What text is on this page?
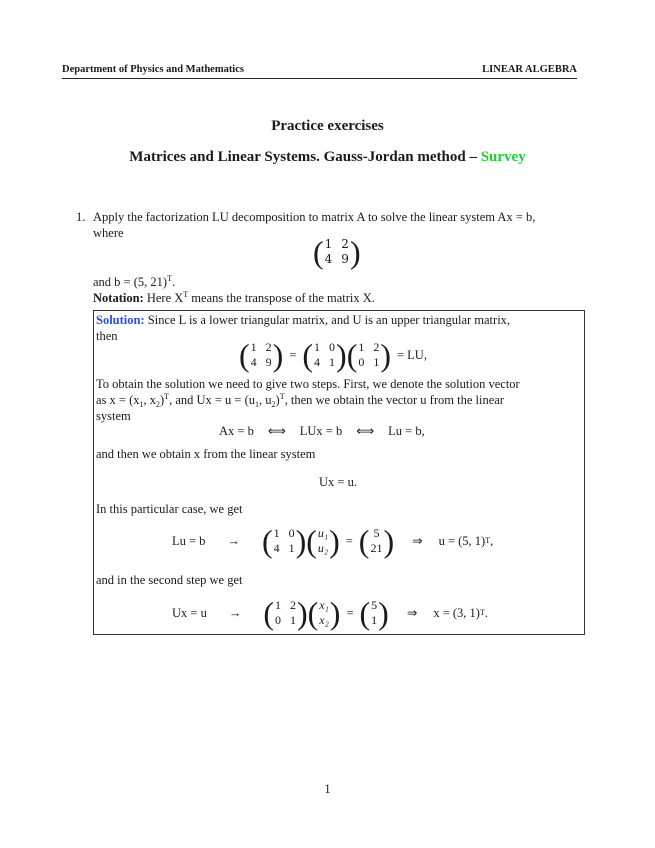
Department of Physics and Mathematics	LINEAR ALGEBRA
Practice exercises
Matrices and Linear Systems. Gauss-Jordan method – Survey
1. Apply the factorization LU decomposition to matrix A to solve the linear system Ax = b,
where
( 1 2
4 9 )
and b = (5, 21)$^T$.
Notation: Here $X^T$ means the transpose of the matrix X.
Solution: Since L is a lower triangular matrix, and U is an upper triangular matrix,
then
( 1 2
4 9 ) = ( 1 0
4 1 ) ( 1 2
0 1 ) = LU,
To obtain the solution we need to give two steps. First, we denote the solution vector
as $x = (x_1$, $x_2)^T$, and $Ux = u = (u_1$, $u_2)^T$, then we obtain the vector u from the linear
system
Ax = b ⟺ LUx = b ⟺ Lu = b,
and then we obtain x from the linear system
Ux = u.
In this particular case, we get
Lu = b → ( 1 0
4 1 ) ( u₁
u₂ ) = ( 5
21 ) ⇒ u = (5, 1) T ,
and in the second step we get
Ux = u → ( 1 2
0 1 ) ( x₁
x₂ ) = ( 5
1 ) ⇒ x = (3, 1) T .
1
